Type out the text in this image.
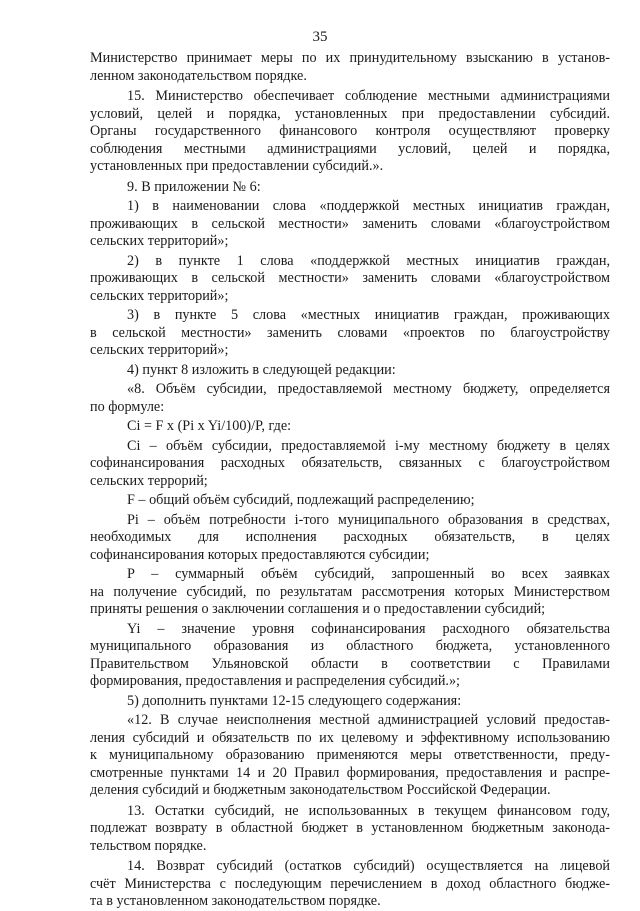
35
Министерство принимает меры по их принудительному взысканию в установ-
ленном законодательством порядке.
15. Министерство обеспечивает соблюдение местными администрациями
условий, целей и порядка, установленных при предоставлении субсидий.
Органы государственного финансового контроля осуществляют проверку
соблюдения местными администрациями условий, целей и порядка,
установленных при предоставлении субсидий.».
9. В приложении № 6:
1) в наименовании слова «поддержкой местных инициатив граждан,
проживающих в сельской местности» заменить словами «благоустройством
сельских территорий»;
2) в пункте 1 слова «поддержкой местных инициатив граждан,
проживающих в сельской местности» заменить словами «благоустройством
сельских территорий»;
3) в пункте 5 слова «местных инициатив граждан, проживающих
в сельской местности» заменить словами «проектов по благоустройству
сельских территорий»;
4) пункт 8 изложить в следующей редакции:
«8. Объём субсидии, предоставляемой местному бюджету, определяется
по формуле:
Ci = F x (Pi x Yi/100)/P, где:
Ci – объём субсидии, предоставляемой i-му местному бюджету в целях
софинансирования расходных обязательств, связанных с благоустройством
сельских террорий;
F – общий объём субсидий, подлежащий распределению;
Pi – объём потребности i-того муниципального образования в средствах,
необходимых для исполнения расходных обязательств, в целях
софинансирования которых предоставляются субсидии;
P – суммарный объём субсидий, запрошенный во всех заявках
на получение субсидий, по результатам рассмотрения которых Министерством
приняты решения о заключении соглашения и о предоставлении субсидий;
Yi – значение уровня софинансирования расходного обязательства
муниципального образования из областного бюджета, установленного
Правительством Ульяновской области в соответствии с Правилами
формирования, предоставления и распределения субсидий.»;
5) дополнить пунктами 12-15 следующего содержания:
«12. В случае неисполнения местной администрацией условий предостав-
ления субсидий и обязательств по их целевому и эффективному использованию
к муниципальному образованию применяются меры ответственности, преду-
смотренные пунктами 14 и 20 Правил формирования, предоставления и распре-
деления субсидий и бюджетным законодательством Российской Федерации.
13. Остатки субсидий, не использованных в текущем финансовом году,
подлежат возврату в областной бюджет в установленном бюджетным законода-
тельством порядке.
14. Возврат субсидий (остатков субсидий) осуществляется на лицевой
счёт Министерства с последующим перечислением в доход областного бюдже-
та в установленном законодательством порядке.
